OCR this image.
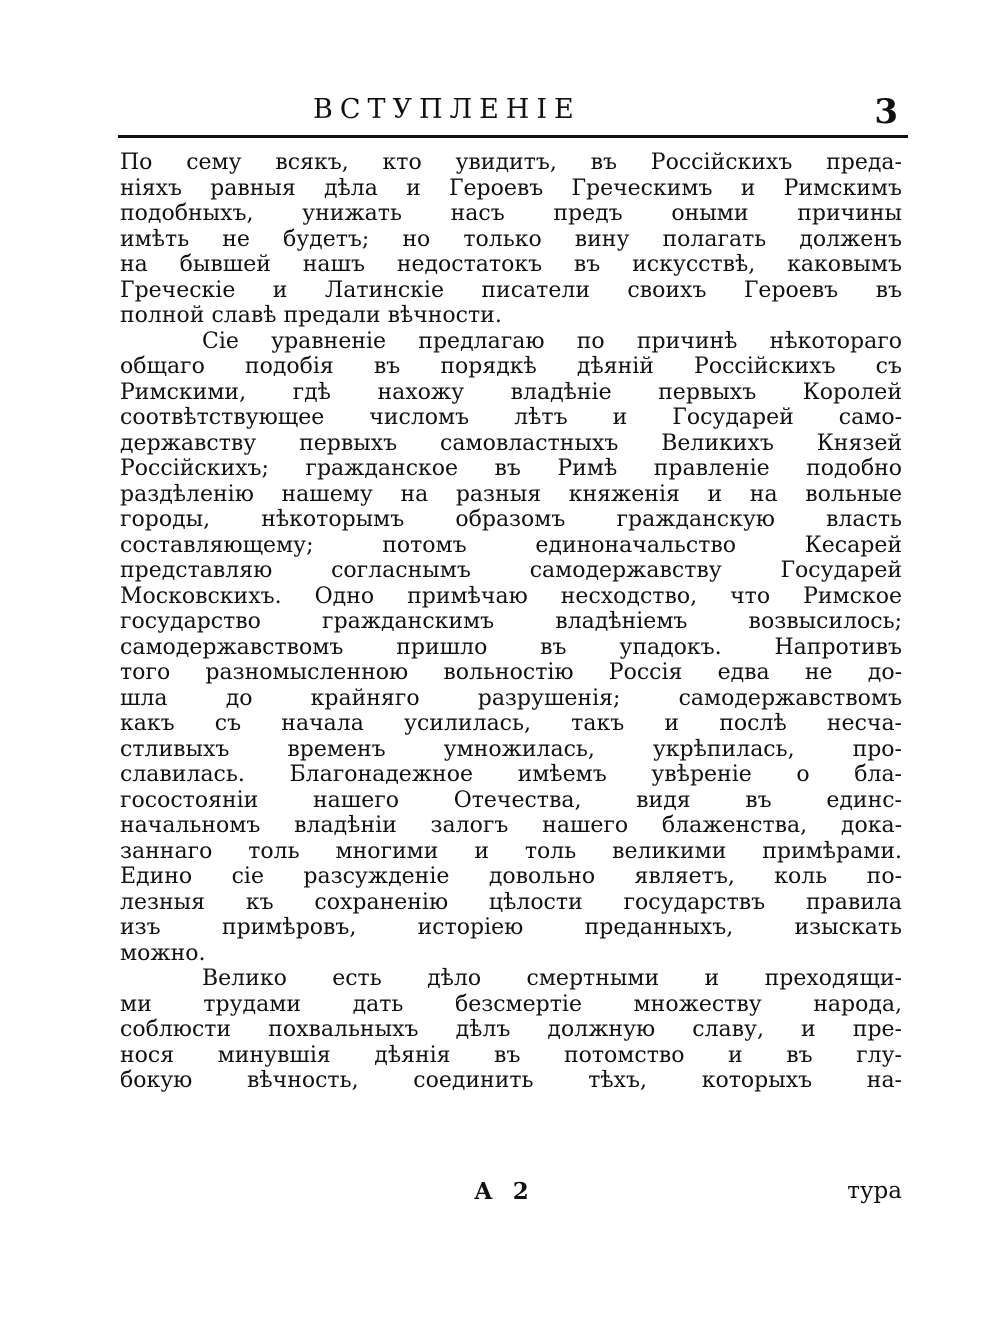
ВСТУПЛЕНІЕ	3
По сему всякъ, кто увидитъ, въ Россійскихъ преда-
ніяхъ равныя дѣла и Героевъ Греческимъ и Римскимъ
подобныхъ, унижать насъ предъ оными причины
имѣть не будетъ; но только вину полагать долженъ
на бывшей нашъ недостатокъ въ искусствѣ, каковымъ
Греческіе и Латинскіе писатели своихъ Героевъ въ
полной славѣ предали вѣчности.
Сіе уравненіе предлагаю по причинѣ нѣкотораго
общаго подобія въ порядкѣ дѣяній Россійскихъ съ
Римскими, гдѣ нахожу владѣніе первыхъ Королей
соотвѣтствующее числомъ лѣтъ и Государей само-
державству первыхъ самовластныхъ Великихъ Князей
Россійскихъ; гражданское въ Римѣ правленіе подобно
раздѣленію нашему на разныя княженія и на вольные
городы, нѣкоторымъ образомъ гражданскую власть
составляющему; потомъ единоначальство Кесарей
представляю согласнымъ самодержавству Государей
Московскихъ. Одно примѣчаю несходство, что Римское
государство гражданскимъ владѣніемъ возвысилось;
самодержавствомъ пришло въ упадокъ. Напротивъ
того разномысленною вольностію Россія едва не до-
шла до крайняго разрушенія; самодержавствомъ
какъ съ начала усилилась, такъ и послѣ несча-
стливыхъ временъ умножилась, укрѣпилась, про-
славилась. Благонадежное имѣемъ увѣреніе о бла-
госостояніи нашего Отечества, видя въ единс-
начальномъ владѣніи залогъ нашего блаженства, дока-
заннаго толь многими и толь великими примѣрами.
Едино сіе разсужденіе довольно являетъ, коль по-
лезныя къ сохраненію цѣлости государствъ правила
изъ примѣровъ, исторіею преданныхъ, изыскать
можно.
Велико есть дѣло смертными и преходящи-
ми трудами дать безсмертіе множеству народа,
соблюсти похвальныхъ дѣлъ должную славу, и пре-
нося минувшія дѣянія въ потомство и въ глу-
бокую вѣчность, соединить тѣхъ, которыхъ на-
А 2	тура
